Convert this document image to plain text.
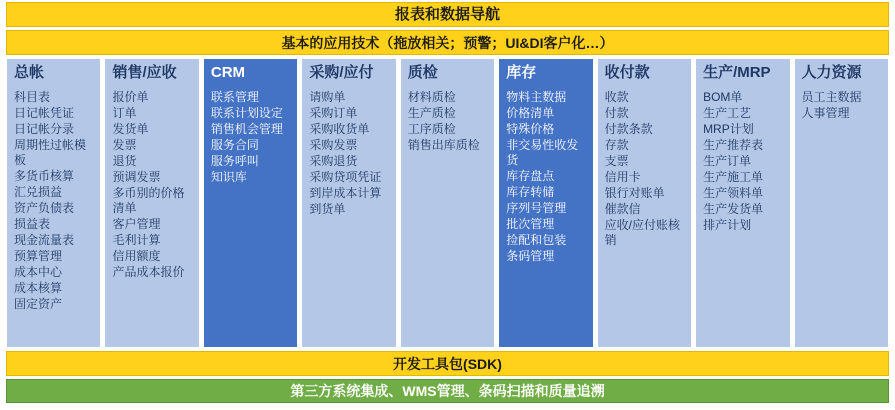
报表和数据导航
基本的应用技术（拖放相关；预警；UI&DI客户化…）
总帐
科目表
日记帐凭证
日记帐分录
周期性过帐模板
多货币核算
汇兑损益
资产负债表
损益表
现金流量表
预算管理
成本中心
成本核算
固定资产
销售/应收
报价单
订单
发货单
发票
退货
预调发票
多币别的价格清单
客户管理
毛利计算
信用额度
产品成本报价
CRM
联系管理
联系计划设定
销售机会管理
服务合同
服务呼叫
知识库
采购/应付
请购单
采购订单
采购收货单
采购发票
采购退货
采购贷项凭证
到岸成本计算
到货单
质检
材料质检
生产质检
工序质检
销售出库质检
库存
物料主数据
价格清单
特殊价格
非交易性收发货
库存盘点
库存转储
序列号管理
批次管理
捡配和包装
条码管理
收付款
收款
付款
付款条款
存款
支票
信用卡
银行对账单
催款信
应收/应付账核销
生产/MRP
BOM单
生产工艺
MRP计划
生产推荐表
生产订单
生产施工单
生产领料单
生产发货单
排产计划
人力资源
员工主数据
人事管理
开发工具包(SDK)
第三方系统集成、WMS管理、条码扫描和质量追溯
